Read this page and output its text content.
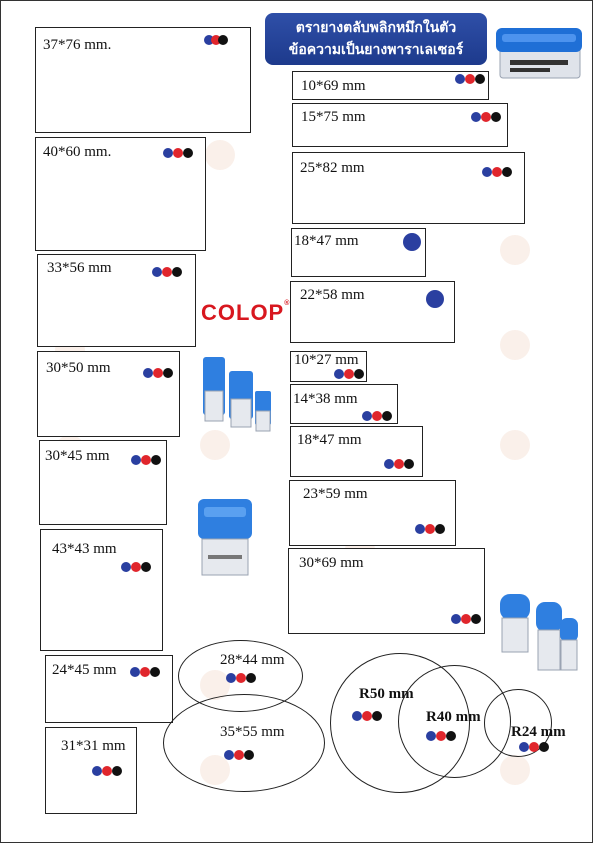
ตรายางตลับพลิกหมึกในตัว
ข้อความเป็นยางพาราเลเซอร์
COLOP®
37*76 mm.
40*60 mm.
33*56 mm
30*50 mm
30*45 mm
43*43 mm
24*45 mm
31*31 mm
10*69 mm
15*75 mm
25*82 mm
18*47 mm
22*58 mm
10*27 mm
14*38 mm
18*47 mm
23*59 mm
30*69 mm
28*44 mm
35*55 mm
R50 mm
R40 mm
R24 mm
